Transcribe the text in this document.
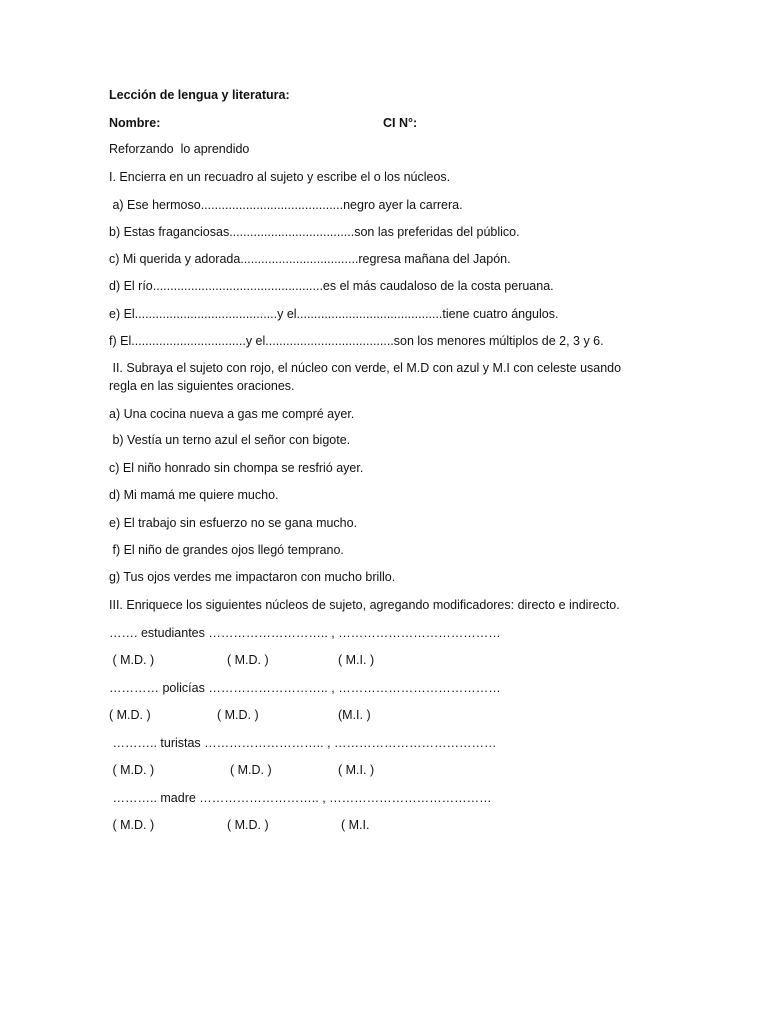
Lección de lengua y literatura:
Nombre:	CI N°:
Reforzando  lo aprendido
I. Encierra en un recuadro al sujeto y escribe el o los núcleos.
a) Ese hermoso.........................................negro ayer la carrera.
b) Estas fraganciosas....................................son las preferidas del público.
c) Mi querida y adorada..................................regresa mañana del Japón.
d) El río.................................................es el más caudaloso de la costa peruana.
e) El.........................................y el..........................................tiene cuatro ángulos.
f) El.................................y el.....................................son los menores múltiplos de 2, 3 y 6.
II. Subraya el sujeto con rojo, el núcleo con verde, el M.D con azul y M.I con celeste usando
regla en las siguientes oraciones.
a) Una cocina nueva a gas me compré ayer.
b) Vestía un terno azul el señor con bigote.
c) El niño honrado sin chompa se resfrió ayer.
d) Mi mamá me quiere mucho.
e) El trabajo sin esfuerzo no se gana mucho.
f) El niño de grandes ojos llegó temprano.
g) Tus ojos verdes me impactaron con mucho brillo.
III. Enriquece los siguientes núcleos de sujeto, agregando modificadores: directo e indirecto.
……. estudiantes ……………………….. , …………………………………
( M.D. )	( M.D. )	( M.I. )
………… policías ……………………….. , …………………………………
( M.D. )	( M.D. )	(M.I. )
……….. turistas ……………………….. , …………………………………
( M.D. )	( M.D. )	( M.I. )
……….. madre ……………………….. , …………………………………
( M.D. )	( M.D. )	( M.I.
